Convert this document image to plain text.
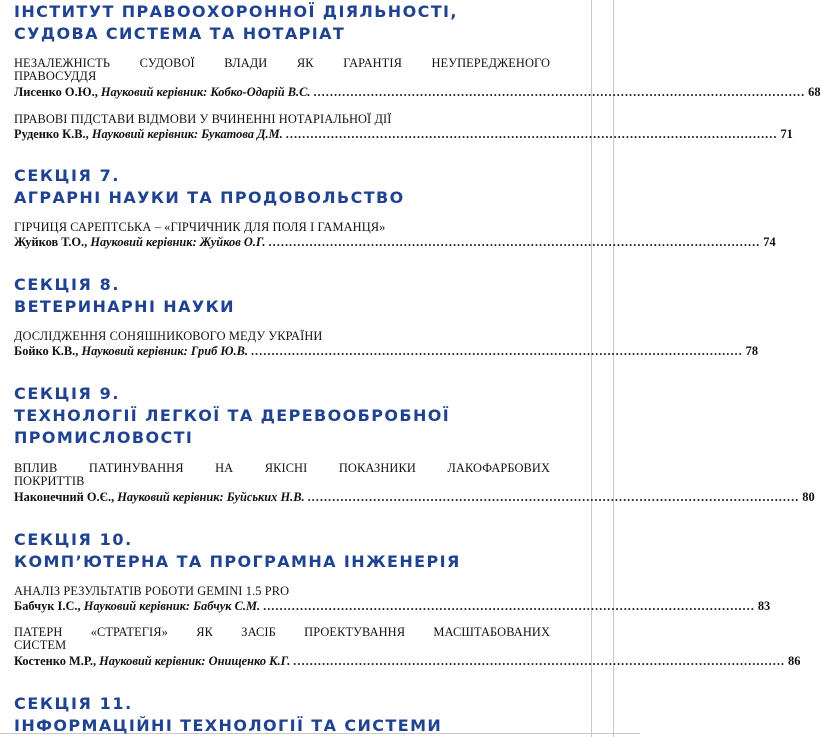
ІНСТИТУТ ПРАВООХОРОННОЇ ДІЯЛЬНОСТІ,
СУДОВА СИСТЕМА ТА НОТАРІАТ
НЕЗАЛЕЖНІСТЬ СУДОВОЇ ВЛАДИ ЯК ГАРАНТІЯ НЕУПЕРЕДЖЕНОГО
ПРАВОСУДДЯ
Лисенко О.Ю.,
Науковий керівник: Кобко-Одарій В.С. ........................................................................................................................ 68
ПРАВОВІ ПІДСТАВИ ВІДМОВИ У ВЧИНЕННІ НОТАРІАЛЬНОЇ ДІЇ
Руденко К.В.,
Науковий керівник: Букатова Д.М. ........................................................................................................................ 71
СЕКЦІЯ 7.
АГРАРНІ НАУКИ ТА ПРОДОВОЛЬСТВО
ГІРЧИЦЯ САРЕПТСЬКА – «ГІРЧИЧНИК ДЛЯ ПОЛЯ І ГАМАНЦЯ»
Жуйков Т.О.,
Науковий керівник: Жуйков О.Г. ........................................................................................................................ 74
СЕКЦІЯ 8.
ВЕТЕРИНАРНІ НАУКИ
ДОСЛІДЖЕННЯ СОНЯШНИКОВОГО МЕДУ УКРАЇНИ
Бойко К.В.,
Науковий керівник: Гриб Ю.В. ........................................................................................................................ 78
СЕКЦІЯ 9.
ТЕХНОЛОГІЇ ЛЕГКОЇ ТА ДЕРЕВООБРОБНОЇ
ПРОМИСЛОВОСТІ
ВПЛИВ ПАТИНУВАННЯ НА ЯКІСНІ ПОКАЗНИКИ ЛАКОФАРБОВИХ
ПОКРИТТІВ
Наконечний О.Є.,
Науковий керівник: Буйських Н.В. ........................................................................................................................ 80
СЕКЦІЯ 10.
КОМП’ЮТЕРНА ТА ПРОГРАМНА ІНЖЕНЕРІЯ
АНАЛІЗ РЕЗУЛЬТАТІВ РОБОТИ GEMINI 1.5 PRO
Бабчук І.С.,
Науковий керівник: Бабчук С.М. ........................................................................................................................ 83
ПАТЕРН «СТРАТЕГІЯ» ЯК ЗАСІБ ПРОЕКТУВАННЯ МАСШТАБОВАНИХ
СИСТЕМ
Костенко М.Р.,
Науковий керівник: Онищенко К.Г. ........................................................................................................................ 86
СЕКЦІЯ 11.
ІНФОРМАЦІЙНІ ТЕХНОЛОГІЇ ТА СИСТЕМИ
